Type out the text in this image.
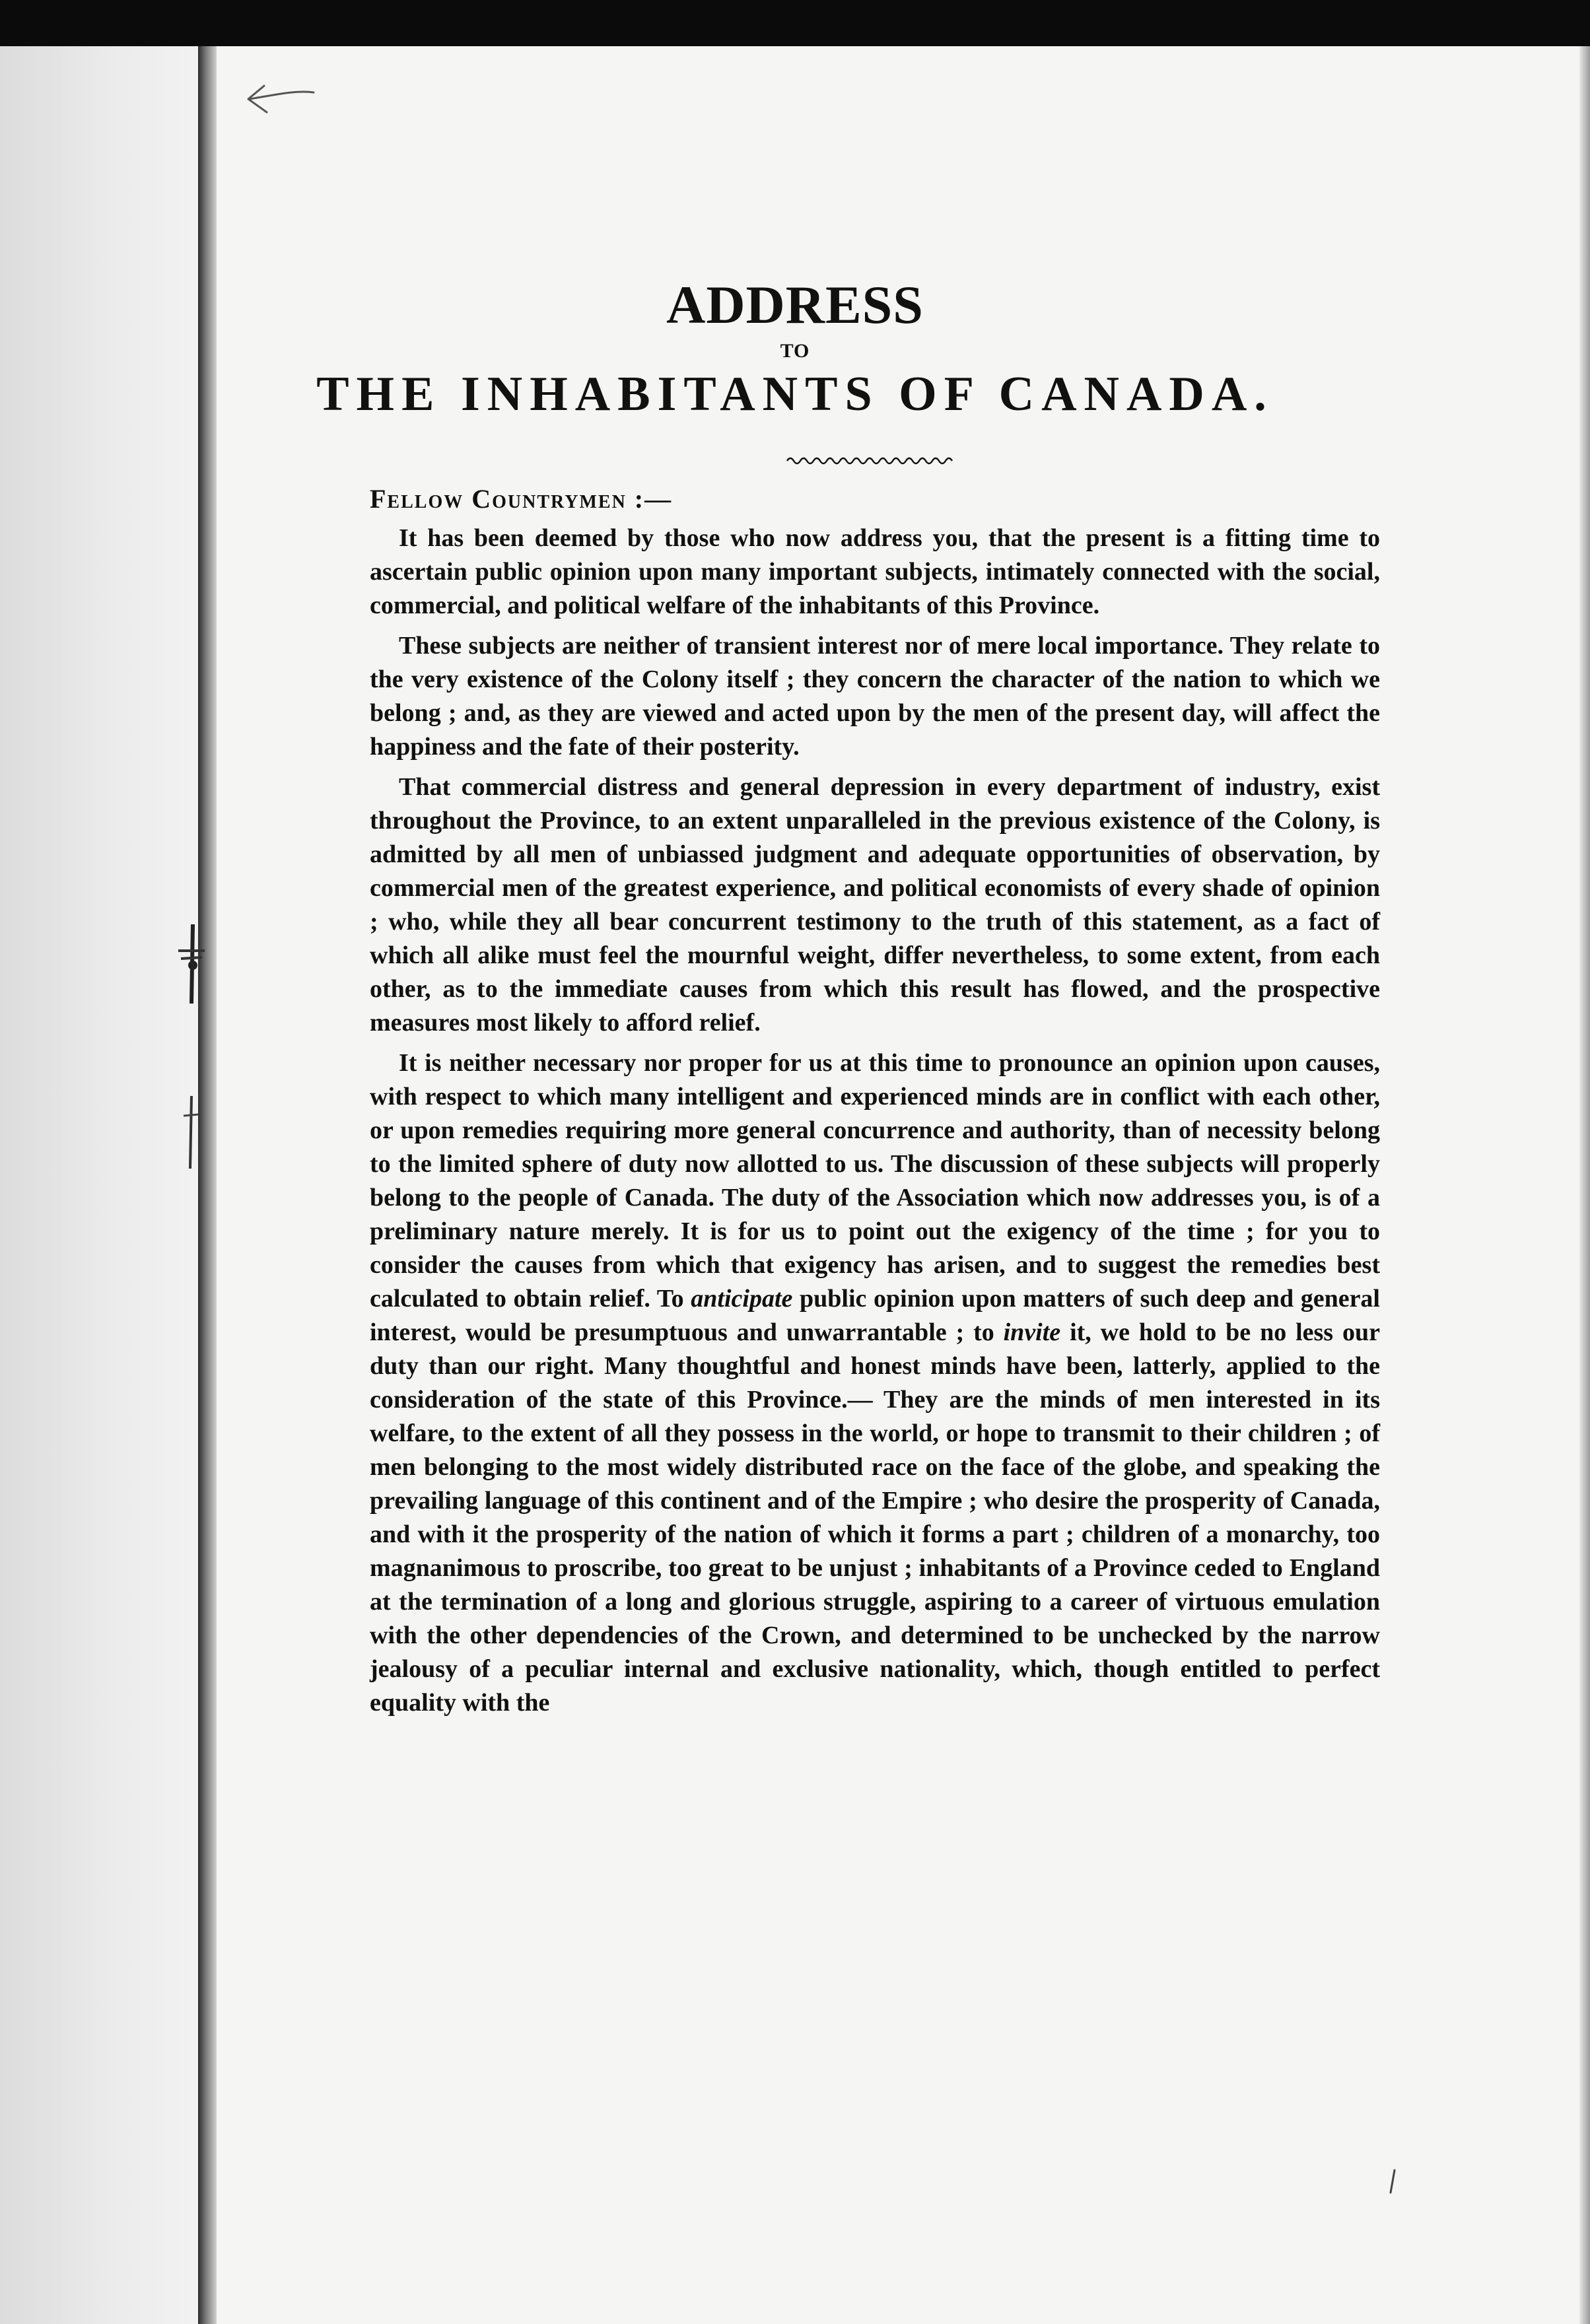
ADDRESS
TO
THE INHABITANTS OF CANADA.

Fellow Countrymen :—

It has been deemed by those who now address you, that the present is a fitting time to ascertain public opinion upon many important subjects, intimately connected with the social, commercial, and political welfare of the inhabitants of this Province.

These subjects are neither of transient interest nor of mere local importance. They relate to the very existence of the Colony itself ; they concern the character of the nation to which we belong ; and, as they are viewed and acted upon by the men of the present day, will affect the happiness and the fate of their posterity.

That commercial distress and general depression in every department of industry, exist throughout the Province, to an extent unparalleled in the previous existence of the Colony, is admitted by all men of unbiassed judgment and adequate opportunities of observation, by commercial men of the greatest experience, and political economists of every shade of opinion ; who, while they all bear concurrent testimony to the truth of this statement, as a fact of which all alike must feel the mournful weight, differ nevertheless, to some extent, from each other, as to the immediate causes from which this result has flowed, and the prospective measures most likely to afford relief.

It is neither necessary nor proper for us at this time to pronounce an opinion upon causes, with respect to which many intelligent and experienced minds are in conflict with each other, or upon remedies requiring more general concurrence and authority, than of necessity belong to the limited sphere of duty now allotted to us. The discussion of these subjects will properly belong to the people of Canada. The duty of the Association which now addresses you, is of a preliminary nature merely. It is for us to point out the exigency of the time ; for you to consider the causes from which that exigency has arisen, and to suggest the remedies best calculated to obtain relief. To anticipate public opinion upon matters of such deep and general interest, would be presumptuous and unwarrantable ; to invite it, we hold to be no less our duty than our right. Many thoughtful and honest minds have been, latterly, applied to the consideration of the state of this Province.— They are the minds of men interested in its welfare, to the extent of all they possess in the world, or hope to transmit to their children ; of men belonging to the most widely distributed race on the face of the globe, and speaking the prevailing language of this continent and of the Empire ; who desire the prosperity of Canada, and with it the prosperity of the nation of which it forms a part ; children of a monarchy, too magnanimous to proscribe, too great to be unjust ; inhabitants of a Province ceded to England at the termination of a long and glorious struggle, aspiring to a career of virtuous emulation with the other dependencies of the Crown, and determined to be unchecked by the narrow jealousy of a peculiar internal and exclusive nationality, which, though entitled to perfect equality with the
